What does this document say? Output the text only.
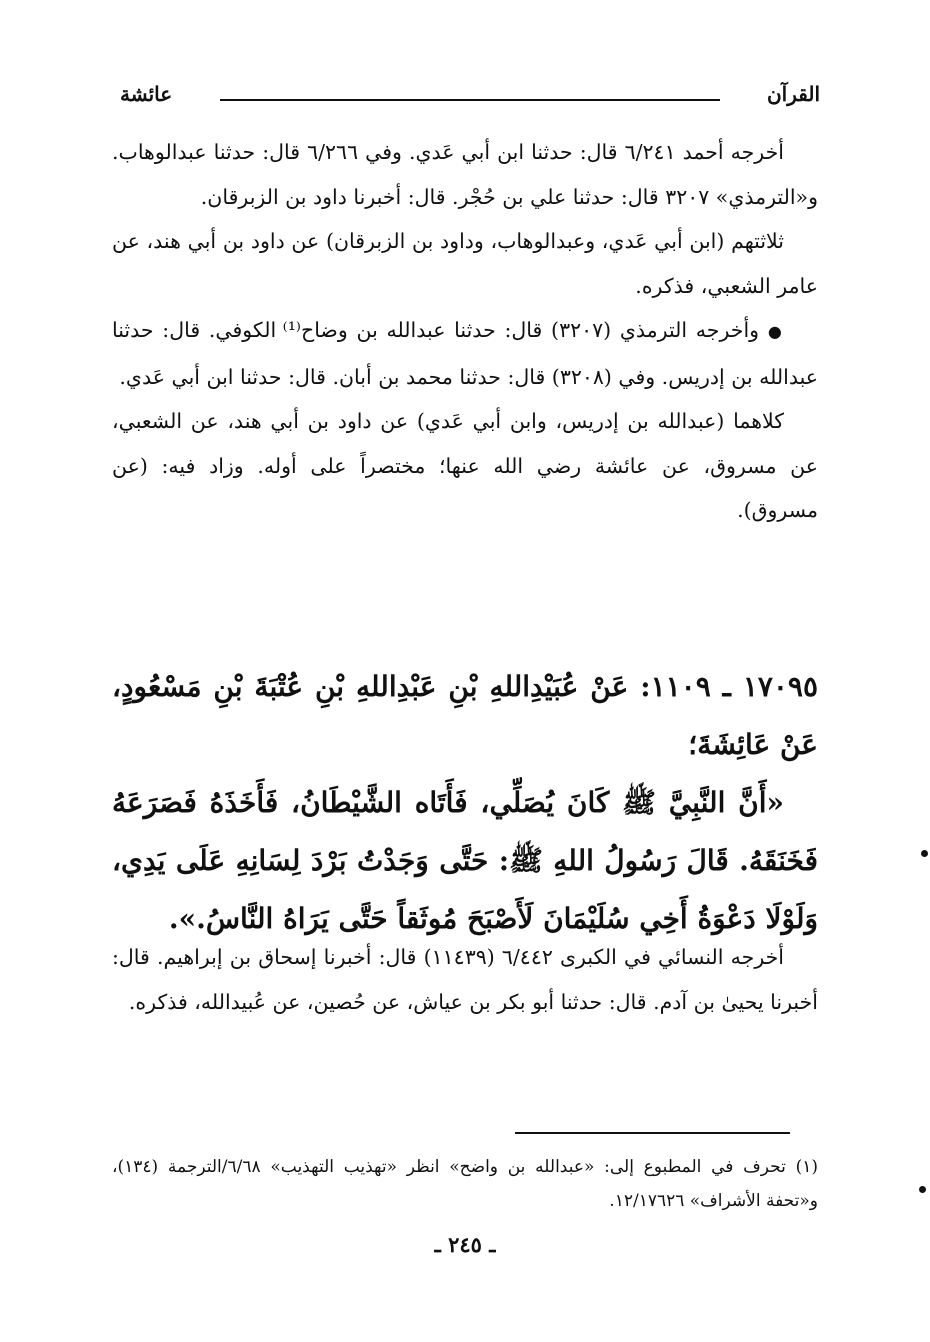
القرآن
عائشة

أخرجه أحمد ٦/٢٤١ قال: حدثنا ابن أبي عَدي. وفي ٦/٢٦٦ قال: حدثنا عبدالوهاب. و«الترمذي» ٣٢٠٧ قال: حدثنا علي بن حُجْر. قال: أخبرنا داود بن الزبرقان.

ثلاثتهم (ابن أبي عَدي، وعبدالوهاب، وداود بن الزبرقان) عن داود بن أبي هند، عن عامر الشعبي، فذكره.

● وأخرجه الترمذي (٣٢٠٧) قال: حدثنا عبدالله بن وضاح⁽¹⁾ الكوفي. قال: حدثنا عبدالله بن إدريس. وفي (٣٢٠٨) قال: حدثنا محمد بن أبان. قال: حدثنا ابن أبي عَدي.

كلاهما (عبدالله بن إدريس، وابن أبي عَدي) عن داود بن أبي هند، عن الشعبي، عن مسروق، عن عائشة رضي الله عنها؛ مختصراً على أوله. وزاد فيه: (عن مسروق).

١٧٠٩٥ ـ ١١٠٩: عَنْ عُبَيْدِاللهِ بْنِ عَبْدِاللهِ بْنِ عُتْبَةَ بْنِ مَسْعُودٍ، عَنْ عَائِشَةَ؛

«أَنَّ النَّبِيَّ ﷺ كَانَ يُصَلِّي، فَأَتَاه الشَّيْطَانُ، فَأَخَذَهُ فَصَرَعَهُ فَخَنَقَهُ. قَالَ رَسُولُ اللهِ ﷺ: حَتَّى وَجَدْتُ بَرْدَ لِسَانِهِ عَلَى يَدِي، وَلَوْلَا دَعْوَةُ أَخِي سُلَيْمَانَ لَأَصْبَحَ مُوثَقاً حَتَّى يَرَاهُ النَّاسُ.».

أخرجه النسائي في الكبرى ٦/٤٤٢ (١١٤٣٩) قال: أخبرنا إسحاق بن إبراهيم. قال: أخبرنا يحيىٰ بن آدم. قال: حدثنا أبو بكر بن عياش، عن حُصين، عن عُبيدالله، فذكره.

(١) تحرف في المطبوع إلى: «عبدالله بن واضح» انظر «تهذيب التهذيب» ٦/٦٨/الترجمة (١٣٤)، و«تحفة الأشراف» ١٢/١٧٦٢٦.

ـ ٢٤٥ ـ
